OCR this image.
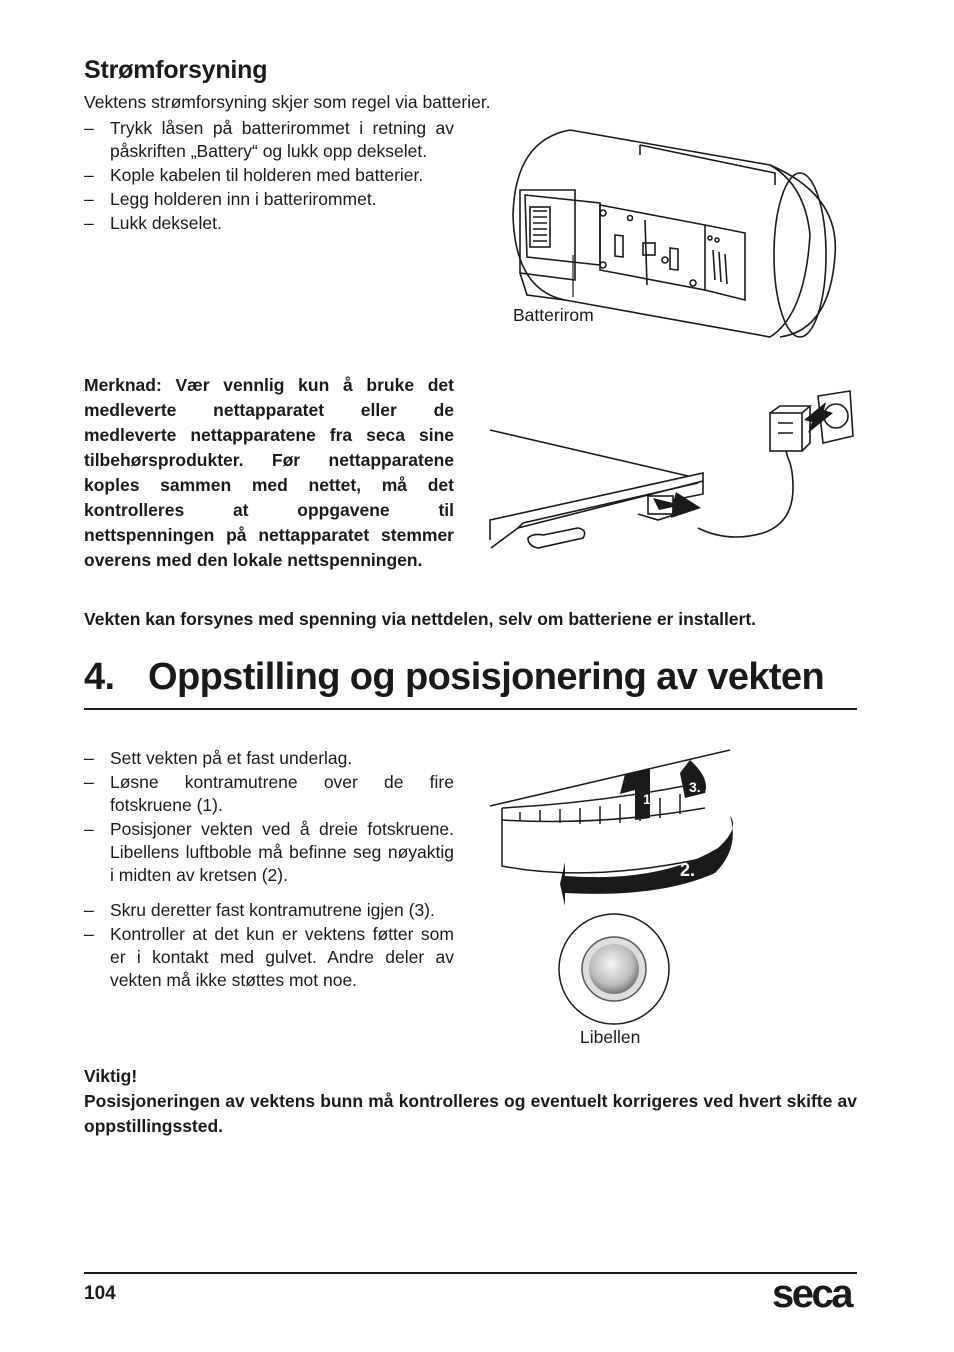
Strømforsyning
Vektens strømforsyning skjer som regel via batterier.
– Trykk låsen på batterirommet i retning av påskriften „Battery“ og lukk opp dekselet.
– Kople kabelen til holderen med batterier.
– Legg holderen inn i batterirommet.
– Lukk dekselet.
Batterirom
Merknad: Vær vennlig kun å bruke det medleverte nettapparatet eller de medleverte nettapparatene fra seca sine tilbehørsprodukter. Før nettapparatene koples sammen med nettet, må det kontrolleres at oppgavene til nettspenningen på nettapparatet stemmer overens med den lokale nettspenningen.
Vekten kan forsynes med spenning via nettdelen, selv om batteriene er installert.
4. Oppstilling og posisjonering av vekten
– Sett vekten på et fast underlag.
– Løsne kontramutrene over de fire fotskruene (1).
– Posisjoner vekten ved å dreie fotskruene. Libellens luftboble må befinne seg nøyaktig i midten av kretsen (2).
– Skru deretter fast kontramutrene igjen (3).
– Kontroller at det kun er vektens føtter som er i kontakt med gulvet. Andre deler av vekten må ikke støttes mot noe.
1.
3.
2.
Libellen
Viktig!
Posisjoneringen av vektens bunn må kontrolleres og eventuelt korrigeres ved hvert skifte av oppstillingssted.
104	seca
